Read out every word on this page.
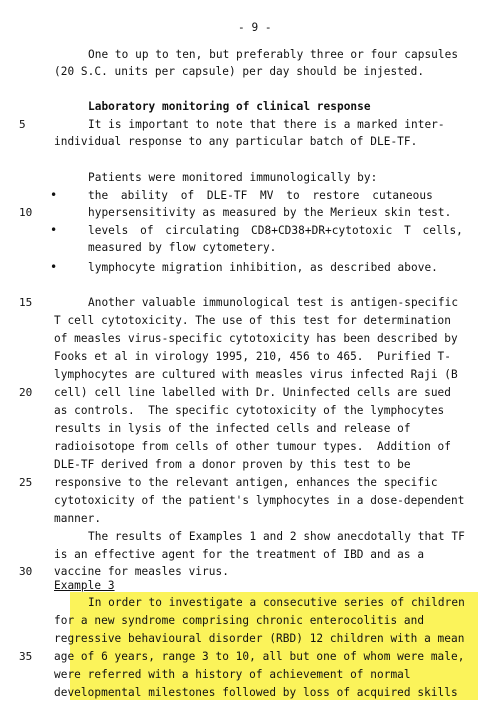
- 9 -
One to up to ten, but preferably three or four capsules
(20 S.C. units per capsule) per day should be injested.
Laboratory monitoring of clinical response
5	It is important to note that there is a marked inter-
individual response to any particular batch of DLE-TF.
Patients were monitored immunologically by:
•	the ability of DLE-TF MV to restore cutaneous
10	hypersensitivity as measured by the Merieux skin test.
•	levels of circulating CD8+CD38+DR+cytotoxic T cells,
measured by flow cytometery.
•	lymphocyte migration inhibition, as described above.
15	Another valuable immunological test is antigen-specific
T cell cytotoxicity. The use of this test for determination
of measles virus-specific cytotoxicity has been described by
Fooks et al in virology 1995, 210, 456 to 465.  Purified T-
lymphocytes are cultured with measles virus infected Raji (B
20 cell) cell line labelled with Dr. Uninfected cells are sued
as controls.  The specific cytotoxicity of the lymphocytes
results in lysis of the infected cells and release of
radioisotope from cells of other tumour types.  Addition of
DLE-TF derived from a donor proven by this test to be
25 responsive to the relevant antigen, enhances the specific
cytotoxicity of the patient's lymphocytes in a dose-dependent
manner.
The results of Examples 1 and 2 show anecdotally that TF
is an effective agent for the treatment of IBD and as a
30 vaccine for measles virus.
Example 3
In order to investigate a consecutive series of children
for a new syndrome comprising chronic enterocolitis and
regressive behavioural disorder (RBD) 12 children with a mean
35 age of 6 years, range 3 to 10, all but one of whom were male,
were referred with a history of achievement of normal
developmental milestones followed by loss of acquired skills
